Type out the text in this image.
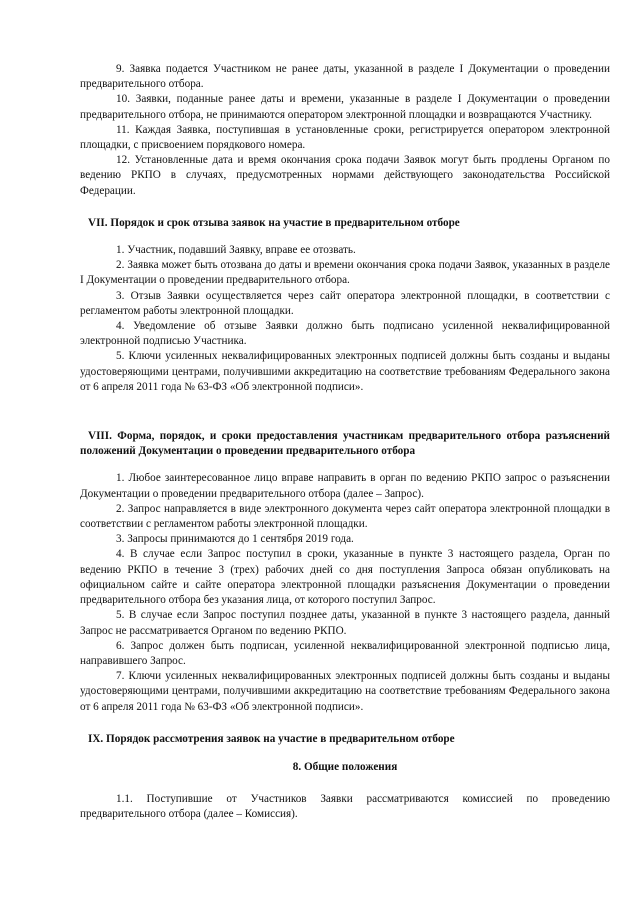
9. Заявка подается Участником не ранее даты, указанной в разделе I Документации о проведении предварительного отбора.

10. Заявки, поданные ранее даты и времени, указанные в разделе I Документации о проведении предварительного отбора, не принимаются оператором электронной площадки и возвращаются Участнику.

11. Каждая Заявка, поступившая в установленные сроки, регистрируется оператором электронной площадки, с присвоением порядкового номера.

12. Установленные дата и время окончания срока подачи Заявок могут быть продлены Органом по ведению РКПО в случаях, предусмотренных нормами действующего законодательства Российской Федерации.

VII. Порядок и срок отзыва заявок на участие в предварительном отборе

1. Участник, подавший Заявку, вправе ее отозвать.

2. Заявка может быть отозвана до даты и времени окончания срока подачи Заявок, указанных в разделе I Документации о проведении предварительного отбора.

3. Отзыв Заявки осуществляется через сайт оператора электронной площадки, в соответствии с регламентом работы электронной площадки.

4. Уведомление об отзыве Заявки должно быть подписано усиленной неквалифицированной электронной подписью Участника.

5. Ключи усиленных неквалифицированных электронных подписей должны быть созданы и выданы удостоверяющими центрами, получившими аккредитацию на соответствие требованиям Федерального закона от 6 апреля 2011 года № 63-ФЗ «Об электронной подписи».

VIII. Форма, порядок, и сроки предоставления участникам предварительного отбора разъяснений положений Документации о проведении предварительного отбора

1. Любое заинтересованное лицо вправе направить в орган по ведению РКПО запрос о разъяснении Документации о проведении предварительного отбора (далее – Запрос).

2. Запрос направляется в виде электронного документа через сайт оператора электронной площадки в соответствии с регламентом работы электронной площадки.

3. Запросы принимаются до 1 сентября 2019 года.

4. В случае если Запрос поступил в сроки, указанные в пункте 3 настоящего раздела, Орган по ведению РКПО в течение 3 (трех) рабочих дней со дня поступления Запроса обязан опубликовать на официальном сайте и сайте оператора электронной площадки разъяснения Документации о проведении предварительного отбора без указания лица, от которого поступил Запрос.

5. В случае если Запрос поступил позднее даты, указанной в пункте 3 настоящего раздела, данный Запрос не рассматривается Органом по ведению РКПО.

6. Запрос должен быть подписан, усиленной неквалифицированной электронной подписью лица, направившего Запрос.

7. Ключи усиленных неквалифицированных электронных подписей должны быть созданы и выданы удостоверяющими центрами, получившими аккредитацию на соответствие требованиям Федерального закона от 6 апреля 2011 года № 63-ФЗ «Об электронной подписи».

IX. Порядок рассмотрения заявок на участие в предварительном отборе

8. Общие положения

1.1. Поступившие от Участников Заявки рассматриваются комиссией по проведению предварительного отбора (далее – Комиссия).
